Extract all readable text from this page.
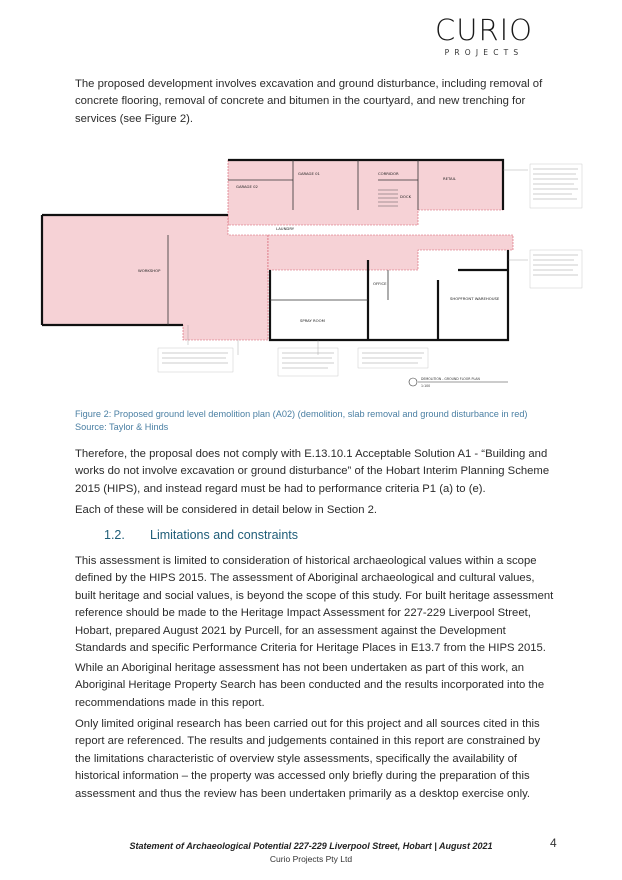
CURIO
PROJECTS

The proposed development involves excavation and ground disturbance, including removal of concrete flooring, removal of concrete and bitumen in the courtyard, and new trenching for services (see Figure 2).

GARAGE 01
GARAGE 02
CORRIDOR
RETAIL
DOCK
LAUNDRY
WORKSHOP
OFFICE
SPRAY ROOM
SHOPFRONT WAREHOUSE
DEMOLITION - GROUND FLOOR PLAN
1:100
Figure 2: Proposed ground level demolition plan (A02) (demolition, slab removal and ground disturbance in red) Source: Taylor & Hinds

Therefore, the proposal does not comply with E.13.10.1 Acceptable Solution A1 - “Building and works do not involve excavation or ground disturbance” of the Hobart Interim Planning Scheme 2015 (HIPS), and instead regard must be had to performance criteria P1 (a) to (e).

Each of these will be considered in detail below in Section 2.

1.2. Limitations and constraints

This assessment is limited to consideration of historical archaeological values within a scope defined by the HIPS 2015. The assessment of Aboriginal archaeological and cultural values, built heritage and social values, is beyond the scope of this study. For built heritage assessment reference should be made to the Heritage Impact Assessment for 227-229 Liverpool Street, Hobart, prepared August 2021 by Purcell, for an assessment against the Development Standards and specific Performance Criteria for Heritage Places in E13.7 from the HIPS 2015.

While an Aboriginal heritage assessment has not been undertaken as part of this work, an Aboriginal Heritage Property Search has been conducted and the results incorporated into the recommendations made in this report.

Only limited original research has been carried out for this project and all sources cited in this report are referenced. The results and judgements contained in this report are constrained by the limitations characteristic of overview style assessments, specifically the availability of historical information – the property was accessed only briefly during the preparation of this assessment and thus the review has been undertaken primarily as a desktop exercise only.

Statement of Archaeological Potential 227-229 Liverpool Street, Hobart | August 2021
Curio Projects Pty Ltd
4
